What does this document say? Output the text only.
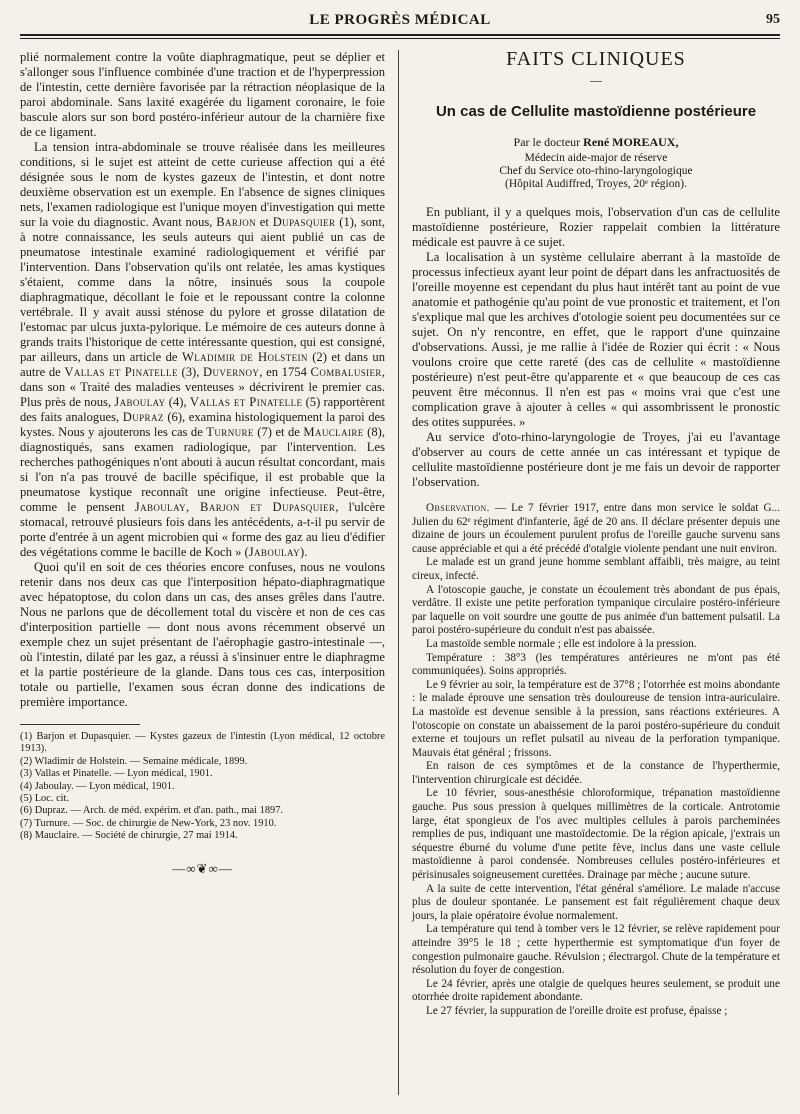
LE PROGRÈS MÉDICAL	95

plié normalement contre la voûte diaphragmatique, peut se déplier et s'allonger sous l'influence combinée d'une traction et de l'hyperpression de l'intestin, cette dernière favorisée par la rétraction néoplasique de la paroi abdominale. Sans laxité exagérée du ligament coronaire, le foie bascule alors sur son bord postéro-inférieur autour de la charnière fixe de ce ligament.

La tension intra-abdominale se trouve réalisée dans les meilleures conditions, si le sujet est atteint de cette curieuse affection qui a été désignée sous le nom de kystes gazeux de l'intestin, et dont notre deuxième observation est un exemple. En l'absence de signes cliniques nets, l'examen radiologique est l'unique moyen d'investigation qui mette sur la voie du diagnostic. Avant nous, Barjon et Dupasquier (1), sont, à notre connaissance, les seuls auteurs qui aient publié un cas de pneumatose intestinale examiné radiologiquement et vérifié par l'intervention. Dans l'observation qu'ils ont relatée, les amas kystiques s'étaient, comme dans la nôtre, insinués sous la coupole diaphragmatique, décollant le foie et le repoussant contre la colonne vertébrale. Il y avait aussi sténose du pylore et grosse dilatation de l'estomac par ulcus juxta-pylorique. Le mémoire de ces auteurs donne à grands traits l'historique de cette intéressante question, qui est consigné, par ailleurs, dans un article de Wladimir de Holstein (2) et dans un autre de Vallas et Pinatelle (3), Duvernoy, en 1754 Combalusier, dans son « Traité des maladies venteuses » décrivirent le premier cas. Plus près de nous, Jaboulay (4), Vallas et Pinatelle (5) rapportèrent des faits analogues, Dupraz (6), examina histologiquement la paroi des kystes. Nous y ajouterons les cas de Turnure (7) et de Mauclaire (8), diagnostiqués, sans examen radiologique, par l'intervention. Les recherches pathogéniques n'ont abouti à aucun résultat concordant, mais si l'on n'a pas trouvé de bacille spécifique, il est probable que la pneumatose kystique reconnaît une origine infectieuse. Peut-être, comme le pensent Jaboulay, Barjon et Dupasquier, l'ulcère stomacal, retrouvé plusieurs fois dans les antécédents, a-t-il pu servir de porte d'entrée à un agent microbien qui « forme des gaz au lieu d'édifier des végétations comme le bacille de Koch » (Jaboulay).

Quoi qu'il en soit de ces théories encore confuses, nous ne voulons retenir dans nos deux cas que l'interposition hépato-diaphragmatique avec hépatoptose, du colon dans un cas, des anses grêles dans l'autre. Nous ne parlons que de décollement total du viscère et non de ces cas d'interposition partielle — dont nous avons récemment observé un exemple chez un sujet présentant de l'aérophagie gastro-intestinale —, où l'intestin, dilaté par les gaz, a réussi à s'insinuer entre le diaphragme et la partie postérieure de la glande. Dans tous ces cas, interposition totale ou partielle, l'examen sous écran donne des indications de première importance.

(1) Barjon et Dupasquier. — Kystes gazeux de l'intestin (Lyon médical, 12 octobre 1913).
(2) Wladimir de Holstein. — Semaine médicale, 1899.
(3) Vallas et Pinatelle. — Lyon médical, 1901.
(4) Jaboulay. — Lyon médical, 1901.
(5) Loc. cit.
(6) Dupraz. — Arch. de méd. expérim. et d'an. path., mai 1897.
(7) Turnure. — Soc. de chirurgie de New-York, 23 nov. 1910.
(8) Mauclaire. — Société de chirurgie, 27 mai 1914.
—∞❦∞—
FAITS CLINIQUES
—
Un cas de Cellulite mastoïdienne postérieure
Par le docteur René MOREAUX,
Médecin aide-major de réserve
Chef du Service oto-rhino-laryngologique
(Hôpital Audiffred, Troyes, 20ᵉ région).

En publiant, il y a quelques mois, l'observation d'un cas de cellulite mastoïdienne postérieure, Rozier rappelait combien la littérature médicale est pauvre à ce sujet.

La localisation à un système cellulaire aberrant à la mastoïde de processus infectieux ayant leur point de départ dans les anfractuosités de l'oreille moyenne est cependant du plus haut intérêt tant au point de vue anatomie et pathogénie qu'au point de vue pronostic et traitement, et l'on s'explique mal que les archives d'otologie soient peu documentées sur ce sujet. On n'y rencontre, en effet, que le rapport d'une quinzaine d'observations. Aussi, je me rallie à l'idée de Rozier qui écrit : « Nous voulons croire que cette rareté (des cas de cellulite « mastoïdienne postérieure) n'est peut-être qu'apparente et « que beaucoup de ces cas peuvent être méconnus. Il n'en est pas « moins vrai que c'est une complication grave à ajouter à celles « qui assombrissent le pronostic des otites suppurées. »

Au service d'oto-rhino-laryngologie de Troyes, j'ai eu l'avantage d'observer au cours de cette année un cas intéressant et typique de cellulite mastoïdienne postérieure dont je me fais un devoir de rapporter l'observation.

Observation. — Le 7 février 1917, entre dans mon service le soldat G... Julien du 62ᵉ régiment d'infanterie, âgé de 20 ans. Il déclare présenter depuis une dizaine de jours un écoulement purulent profus de l'oreille gauche survenu sans cause appréciable et qui a été précédé d'otalgie violente pendant une nuit environ.

Le malade est un grand jeune homme semblant affaibli, très maigre, au teint cireux, infecté.

A l'otoscopie gauche, je constate un écoulement très abondant de pus épais, verdâtre. Il existe une petite perforation tympanique circulaire postéro-inférieure par laquelle on voit sourdre une goutte de pus animée d'un battement pulsatil. La paroi postéro-supérieure du conduit n'est pas abaissée.

La mastoïde semble normale ; elle est indolore à la pression.

Température : 38°3 (les températures antérieures ne m'ont pas été communiquées). Soins appropriés.

Le 9 février au soir, la température est de 37°8 ; l'otorrhée est moins abondante : le malade éprouve une sensation très douloureuse de tension intra-auriculaire. La mastoïde est devenue sensible à la pression, sans réactions extérieures. A l'otoscopie on constate un abaissement de la paroi postéro-supérieure du conduit externe et toujours un reflet pulsatil au niveau de la perforation tympanique. Mauvais état général ; frissons.

En raison de ces symptômes et de la constance de l'hyperthermie, l'intervention chirurgicale est décidée.

Le 10 février, sous-anesthésie chloroformique, trépanation mastoïdienne gauche. Pus sous pression à quelques millimètres de la corticale. Antrotomie large, état spongieux de l'os avec multiples cellules à parois parcheminées remplies de pus, indiquant une mastoïdectomie. De la région apicale, j'extrais un séquestre éburné du volume d'une petite fève, inclus dans une vaste cellule mastoïdienne à paroi condensée. Nombreuses cellules postéro-inférieures et périsinusales soigneusement curettées. Drainage par mèche ; aucune suture.

A la suite de cette intervention, l'état général s'améliore. Le malade n'accuse plus de douleur spontanée. Le pansement est fait régulièrement chaque deux jours, la plaie opératoire évolue normalement.

La température qui tend à tomber vers le 12 février, se relève rapidement pour atteindre 39°5 le 18 ; cette hyperthermie est symptomatique d'un foyer de congestion pulmonaire gauche. Révulsion ; électrargol. Chute de la température et résolution du foyer de congestion.

Le 24 février, après une otalgie de quelques heures seulement, se produit une otorrhée droite rapidement abondante.

Le 27 février, la suppuration de l'oreille droite est profuse, épaisse ;
